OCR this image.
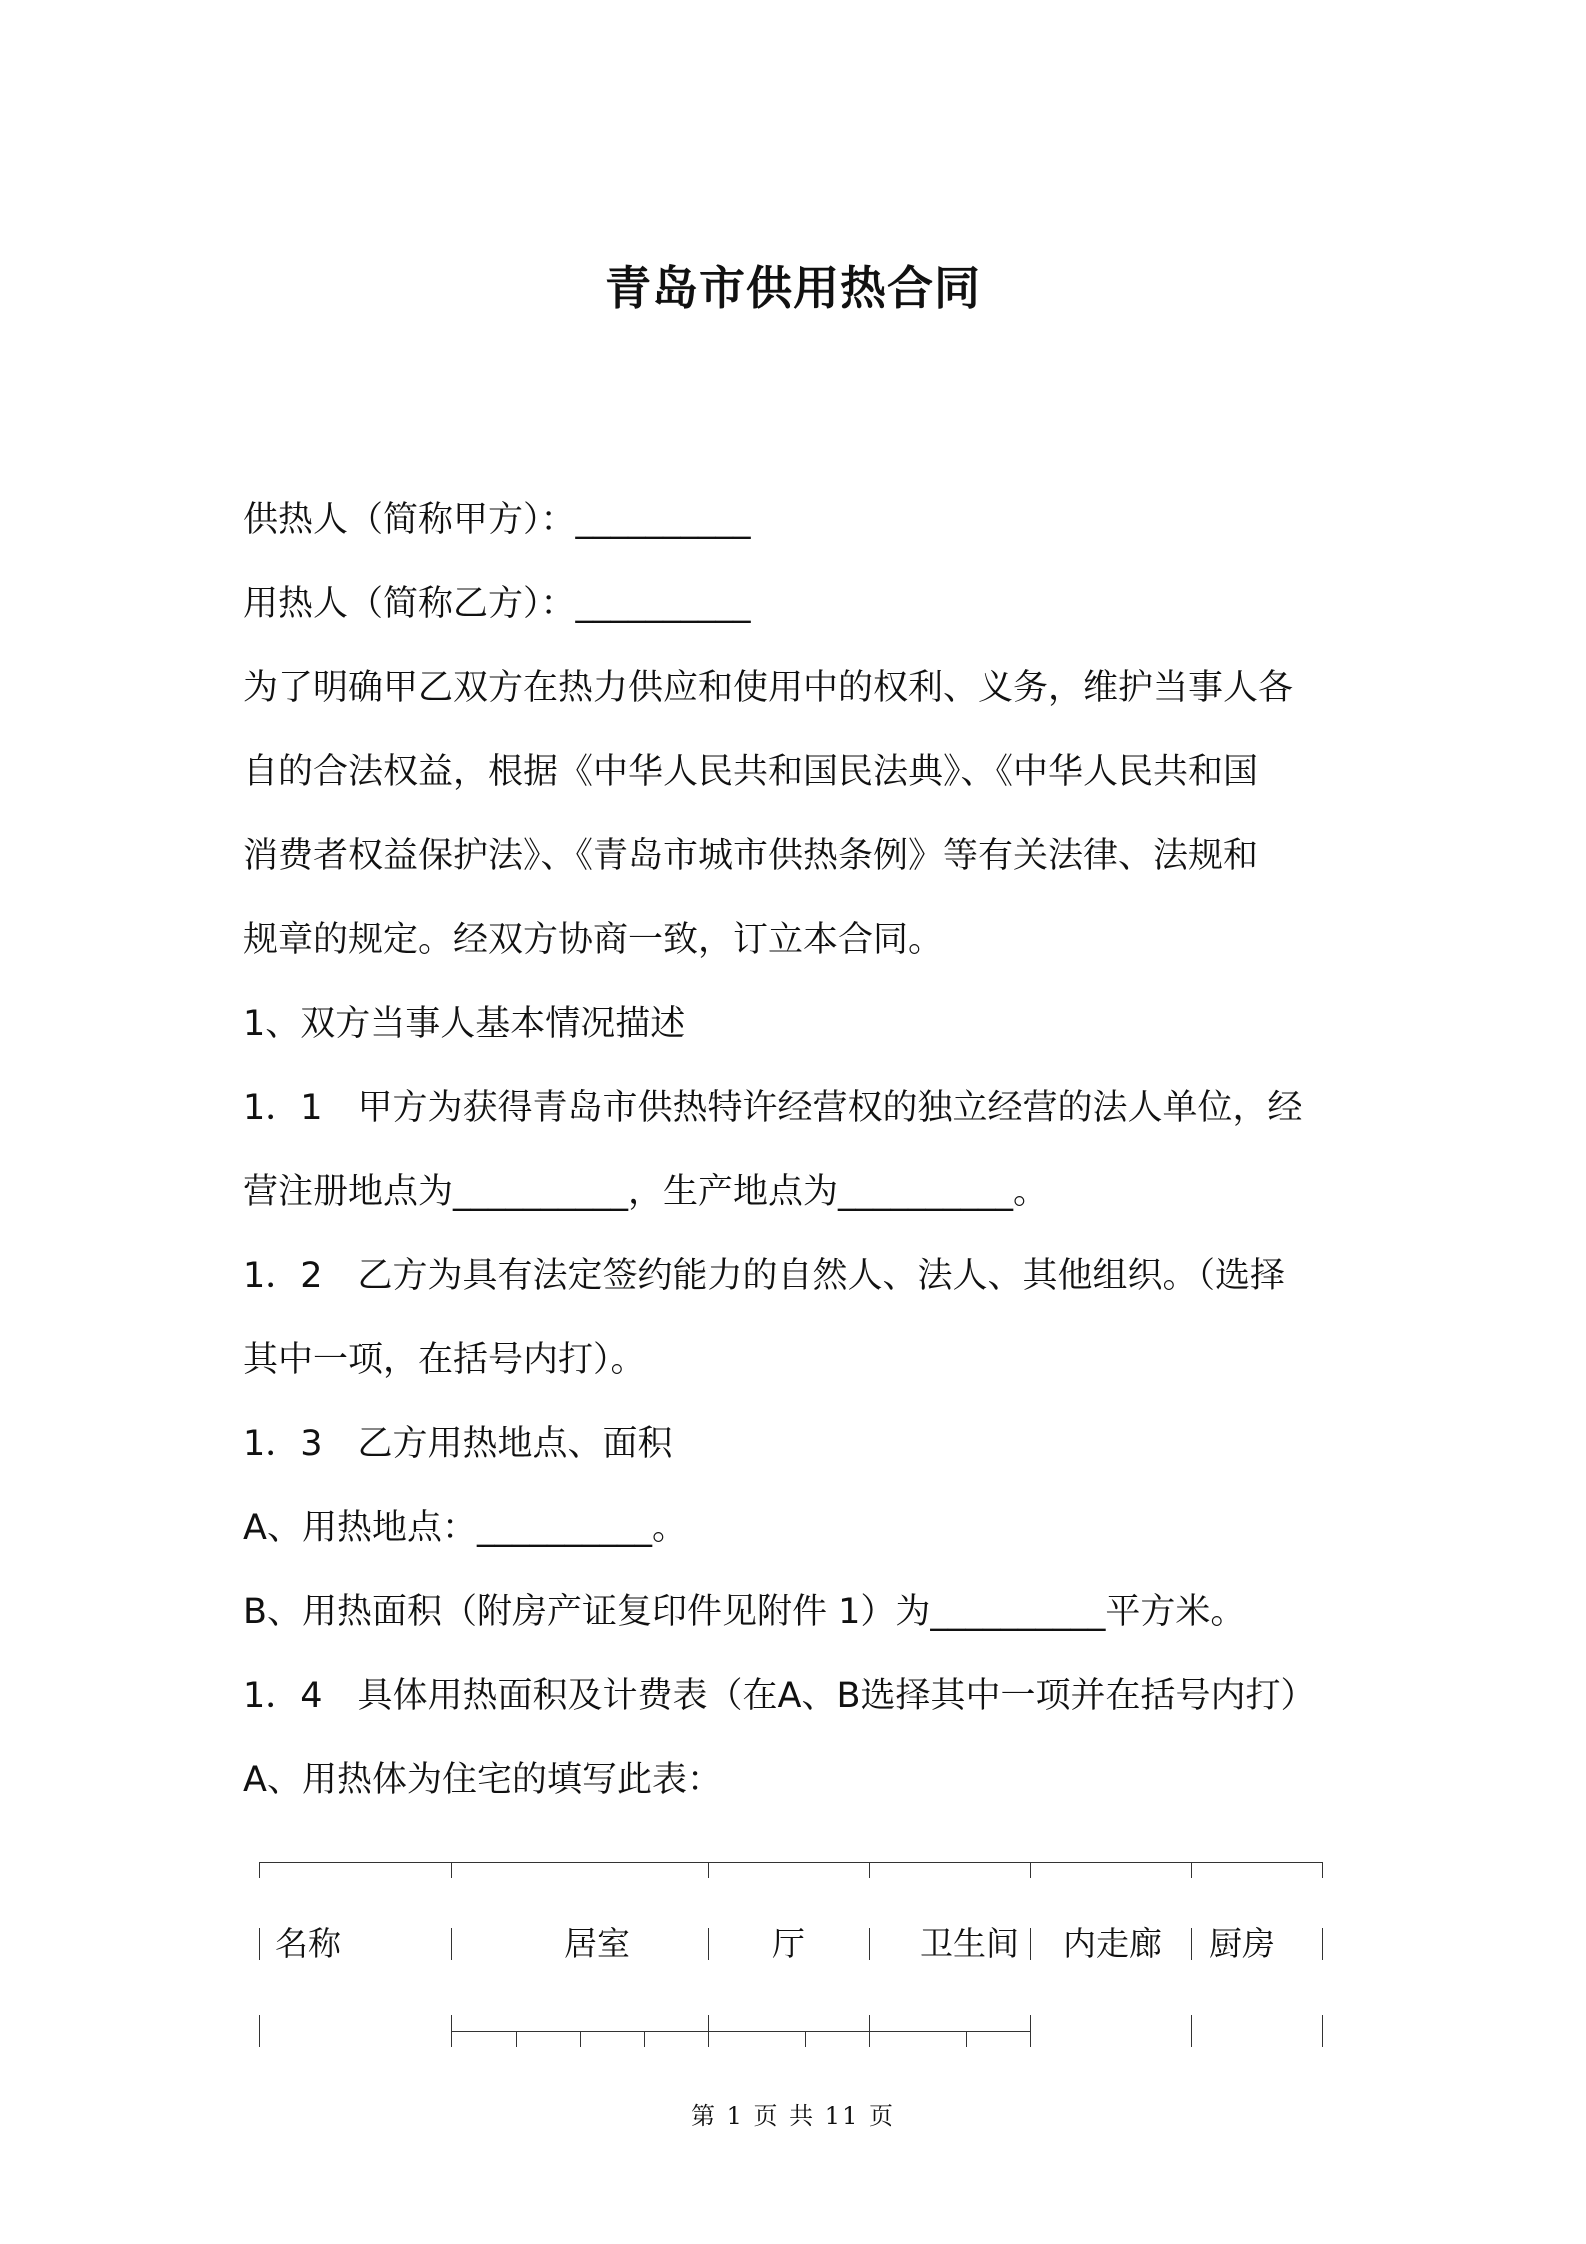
青岛市供用热合同
供热人（简称甲方）：__________
用热人（简称乙方）：__________
为了明确甲乙双方在热力供应和使用中的权利、义务，维护当事人各
自的合法权益，根据《中华人民共和国民法典》、《中华人民共和国
消费者权益保护法》、《青岛市城市供热条例》等有关法律、法规和
规章的规定。经双方协商一致，订立本合同。
1、双方当事人基本情况描述
1．1　甲方为获得青岛市供热特许经营权的独立经营的法人单位，经
营注册地点为__________，生产地点为__________。
1．2　乙方为具有法定签约能力的自然人、法人、其他组织。（选择
其中一项，在括号内打）。
1．3　乙方用热地点、面积
A、用热地点：__________。
B、用热面积（附房产证复印件见附件 1）为__________平方米。
1．4　具体用热面积及计费表（在A、B选择其中一项并在括号内打）
A、用热体为住宅的填写此表：
名称	居室	厅	卫生间 内走廊 厨房
第 1 页 共 11 页
